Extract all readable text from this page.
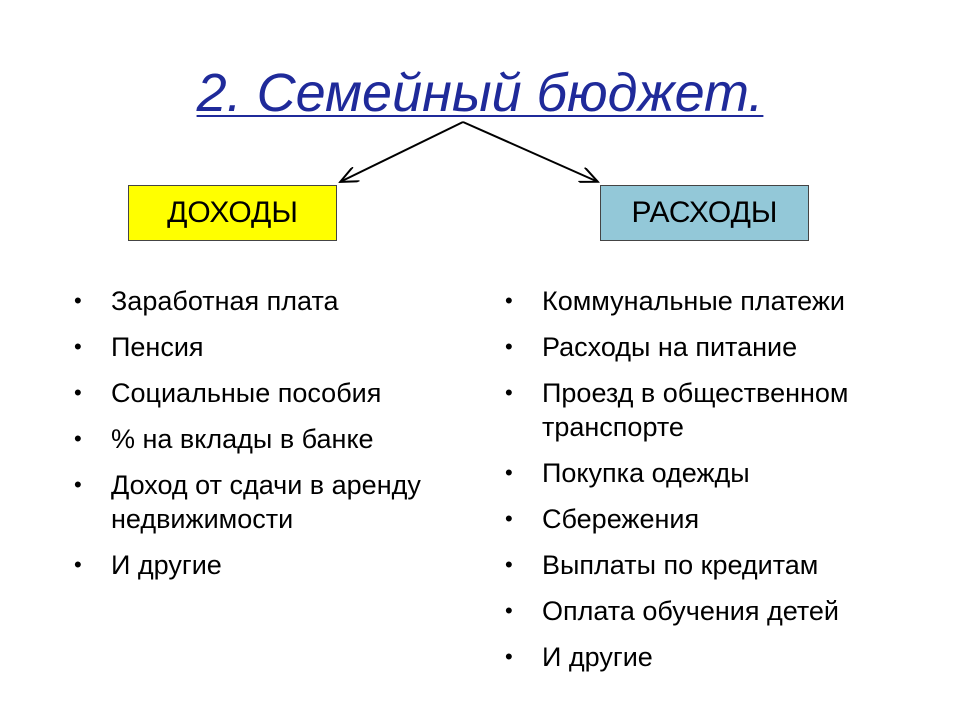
2. Семейный бюджет.
ДОХОДЫ	РАСХОДЫ
•	Заработная плата
•	Пенсия
•	Социальные пособия
•	% на вклады в банке
•	Доход от сдачи в аренду недвижимости
•	И другие
•	Коммунальные платежи
•	Расходы на питание
•	Проезд в общественном транспорте
•	Покупка одежды
•	Сбережения
•	Выплаты по кредитам
•	Оплата обучения детей
•	И другие
